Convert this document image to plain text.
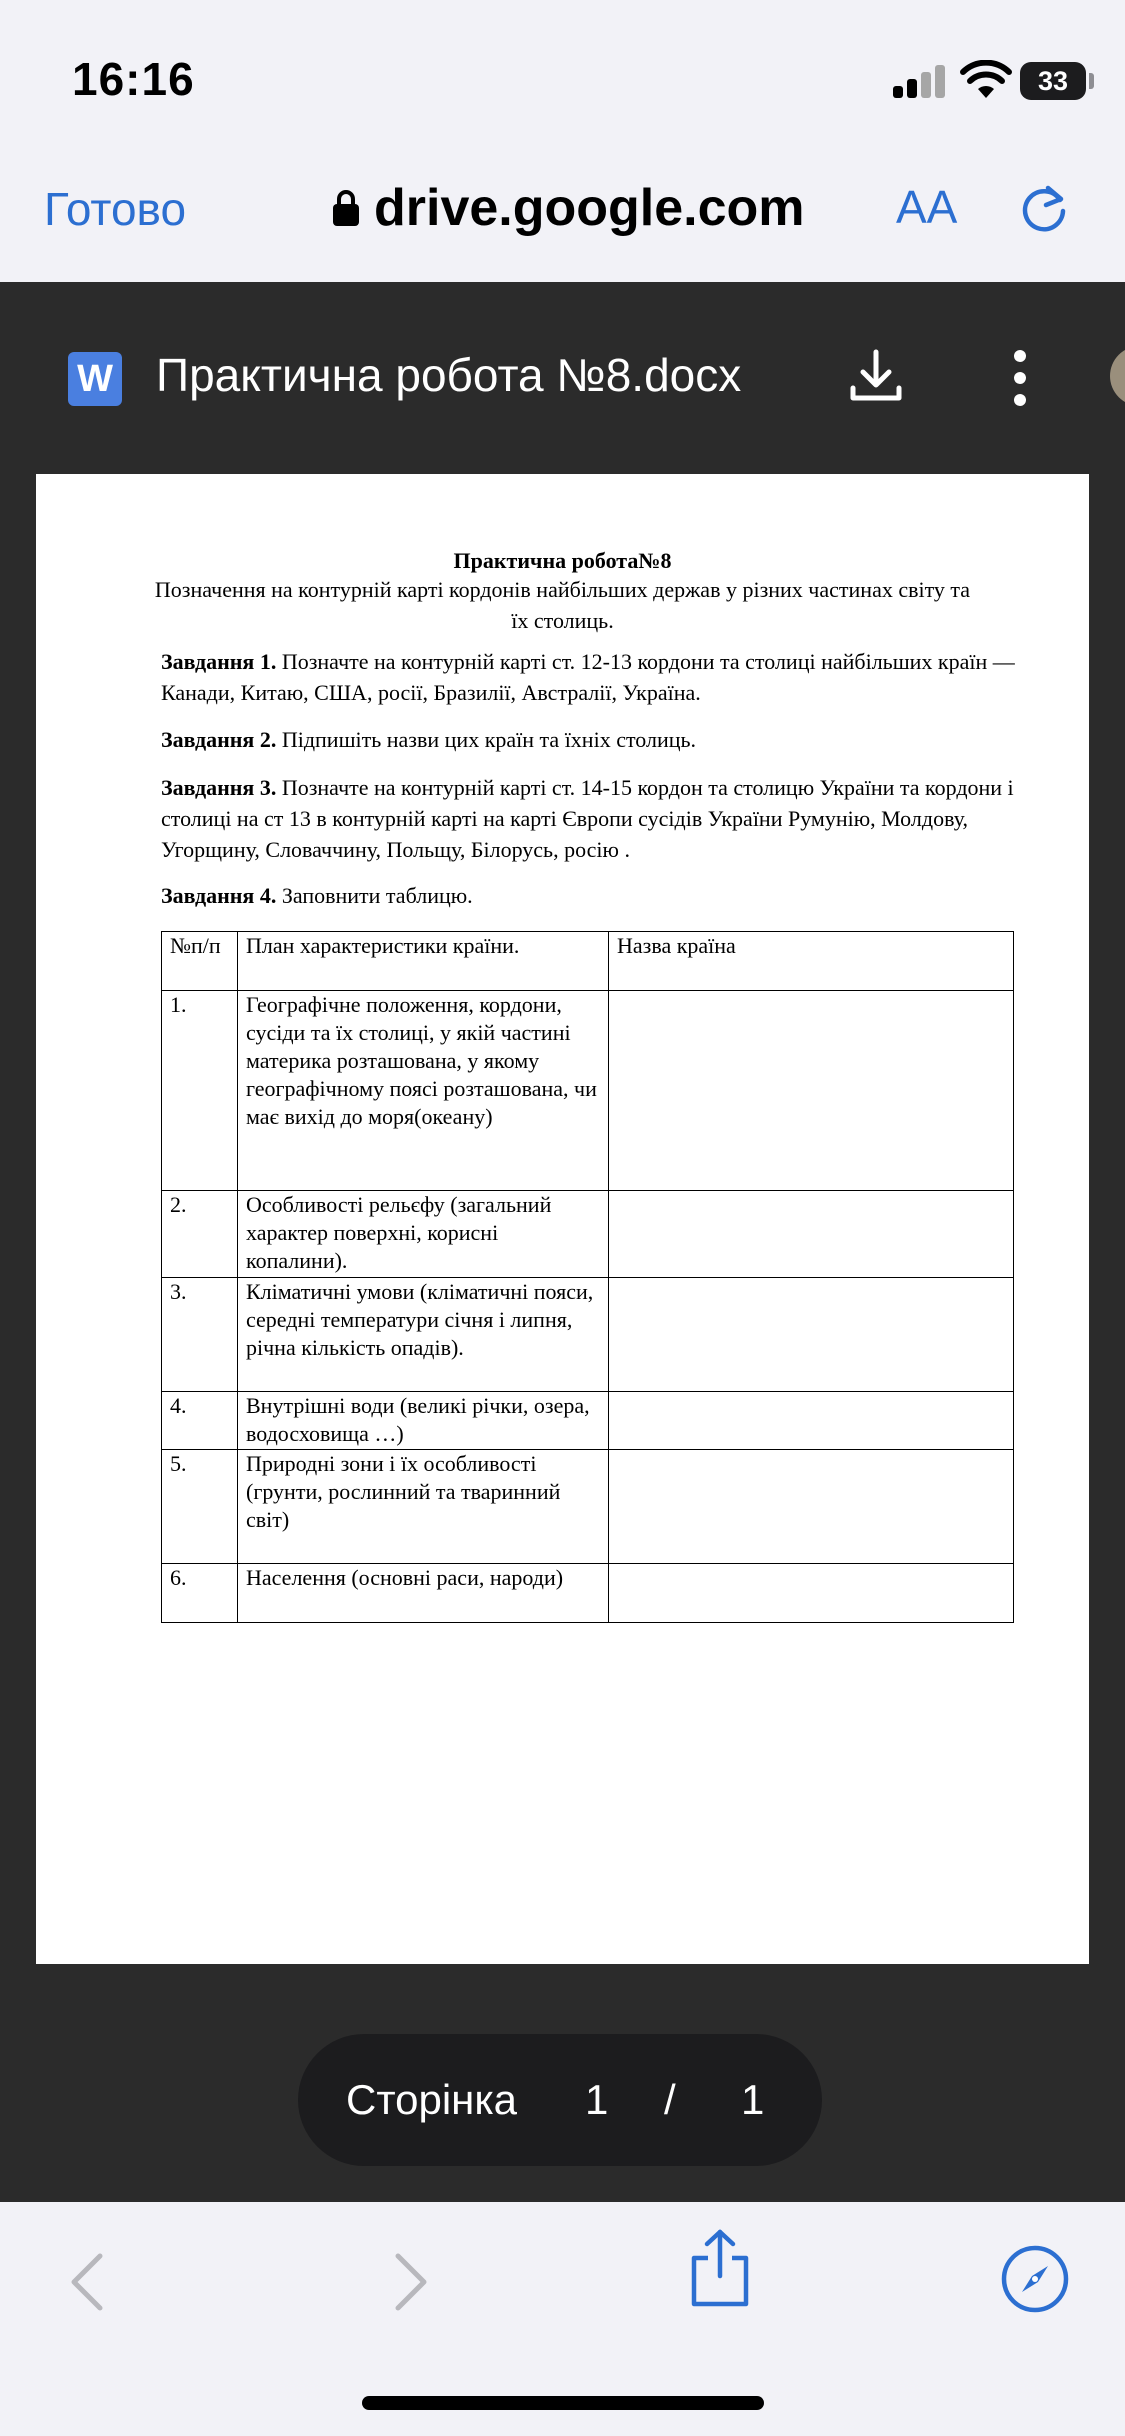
16:16	33
Готово	drive.google.com AA
W Практична робота №8.docx
Практична робота№8
Позначення на контурній карті кордонів найбільших держав у різних частинах світу та їх столиць.
Завдання 1. Позначте на контурній карті ст. 12-13 кордони та столиці найбільших країн — Канади, Китаю, США, росії, Бразилії, Австралії, Україна.
Завдання 2. Підпишіть назви цих країн та їхніх столиць.
Завдання 3. Позначте на контурній карті ст. 14-15 кордон та столицю України та кордони і столиці на ст 13 в контурній карті на карті Європи сусідів України Румунію, Молдову, Угорщину, Словаччину, Польщу, Білорусь, росію .
Завдання 4. Заповнити таблицю.
№п/п	План характеристики країни.	Назва країна
1.	Географічне положення, кордони, сусіди та їх столиці, у якій частині материка розташована, у якому географічному поясі розташована, чи має вихід до моря(океану)	
2.	Особливості рельєфу (загальний характер поверхні, корисні копалини).	
3.	Кліматичні умови (кліматичні пояси, середні температури січня і липня, річна кількість опадів).	
4.	Внутрішні води (великі річки, озера, водосховища …)	
5.	Природні зони і їх особливості (грунти, рослинний та тваринний світ)	
6.	Населення (основні раси, народи)	
Сторінка 1 / 1
